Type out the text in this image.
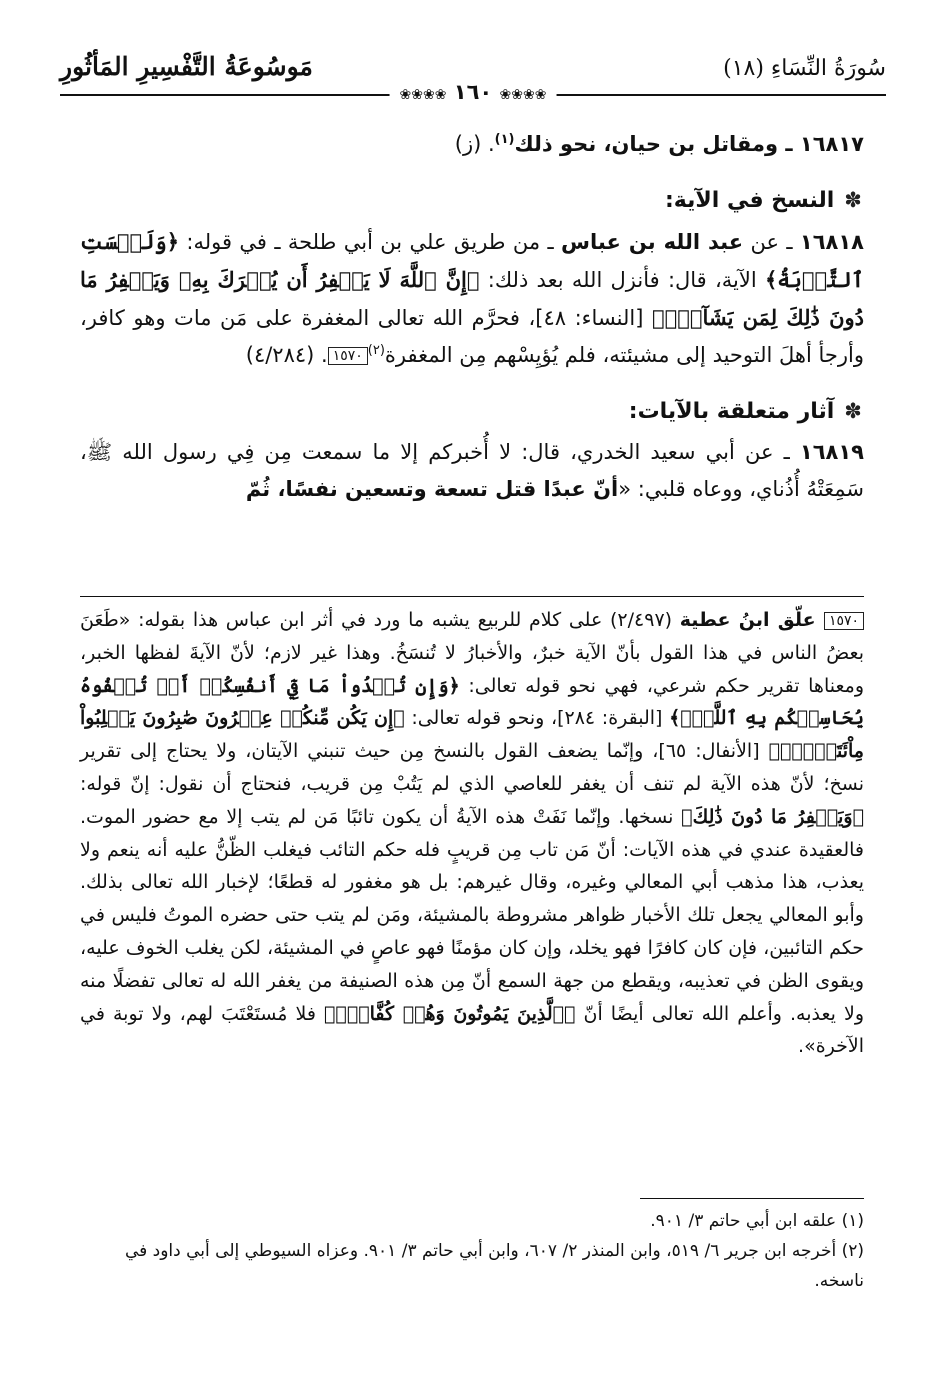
سُورَةُ النِّسَاءِ (١٨)
مَوسُوعَةُ التَّفْسِيرِ المَأثُورِ
❀❀❀❀ ١٦٠ ❀❀❀❀

١٦٨١٧ ـ ومقاتل بن حيان، نحو ذلك$^{(١)}$. (ز)

✽ النسخ في الآية:

١٦٨١٨ ـ عن عبد الله بن عباس ـ من طريق علي بن أبي طلحة ـ في قوله: ﴿وَلَيۡسَتِ ٱلتَّوۡبَةُ﴾ الآية، قال: فأنزل الله بعد ذلك: ﴿إِنَّ ٱللَّهَ لَا يَغۡفِرُ أَن يُشۡرَكَ بِهِۦ وَيَغۡفِرُ مَا دُونَ ذَٰلِكَ لِمَن يَشَآءُۚ﴾ [النساء: ٤٨]، فحرَّم الله تعالى المغفرة على مَن مات وهو كافر، وأرجأ أهلَ التوحيد إلى مشيئته، فلم يُؤيِسْهم مِن المغفرة$^{(٢)}$١٥٧٠. (٤/٢٨٤)

✽ آثار متعلقة بالآيات:

١٦٨١٩ ـ عن أبي سعيد الخدري، قال: لا أُخبركم إلا ما سمعت مِن فِي رسول الله ﷺ، سَمِعَتْهُ أُذُناي، ووعاه قلبي: «أنّ عبدًا قتل تسعة وتسعين نفسًا، ثُمّ

١٥٧٠ علّق ابنُ عطية (٢/٤٩٧) على كلام للربيع يشبه ما ورد في أثر ابن عباس هذا بقوله: «طَعَنَ بعضُ الناس في هذا القول بأنّ الآية خبرٌ، والأخبارُ لا تُنسَخُ. وهذا غير لازم؛ لأنّ الآيةَ لفظها الخبر، ومعناها تقرير حكم شرعي، فهي نحو قوله تعالى: ﴿وَإِن تُبۡدُواْ مَا فِيٓ أَنفُسِكُمۡ أَوۡ تُخۡفُوهُ يُحَاسِبۡكُم بِهِ ٱللَّهُۖ﴾ [البقرة: ٢٨٤]، ونحو قوله تعالى: ﴿إِن يَكُن مِّنكُمۡ عِشۡرُونَ صَٰبِرُونَ يَغۡلِبُواْ مِاْئَتَيۡنِۚ﴾ [الأنفال: ٦٥]، وإنّما يضعف القول بالنسخ مِن حيث تنبني الآيتان، ولا يحتاج إلى تقرير نسخ؛ لأنّ هذه الآية لم تنف أن يغفر للعاصي الذي لم يَتُبْ مِن قريب، فنحتاج أن نقول: إنّ قوله: ﴿وَيَغۡفِرُ مَا دُونَ ذَٰلِكَ﴾ نسخها. وإنّما نَفَتْ هذه الآيةُ أن يكون تائبًا مَن لم يتب إلا مع حضور الموت. فالعقيدة عندي في هذه الآيات: أنّ مَن تاب مِن قريبٍ فله حكم التائب فيغلب الظّنُّ عليه أنه ينعم ولا يعذب، هذا مذهب أبي المعالي وغيره، وقال غيرهم: بل هو مغفور له قطعًا؛ لإخبار الله تعالى بذلك. وأبو المعالي يجعل تلك الأخبار ظواهر مشروطة بالمشيئة، ومَن لم يتب حتى حضره الموتُ فليس في حكم التائبين، فإن كان كافرًا فهو يخلد، وإن كان مؤمنًا فهو عاصٍ في المشيئة، لكن يغلب الخوف عليه، ويقوى الظن في تعذيبه، ويقطع من جهة السمع أنّ مِن هذه الصنيفة من يغفر الله له تعالى تفضلًا منه ولا يعذبه. وأعلم الله تعالى أيضًا أنّ ﴿ٱلَّذِينَ يَمُوتُونَ وَهُمۡ كُفَّارٌۚ﴾ فلا مُستَعْتَبَ لهم، ولا توبة في الآخرة».

(١) علقه ابن أبي حاتم ٣/ ٩٠١.

(٢) أخرجه ابن جرير ٦/ ٥١٩، وابن المنذر ٢/ ٦٠٧، وابن أبي حاتم ٣/ ٩٠١. وعزاه السيوطي إلى أبي داود في ناسخه.
